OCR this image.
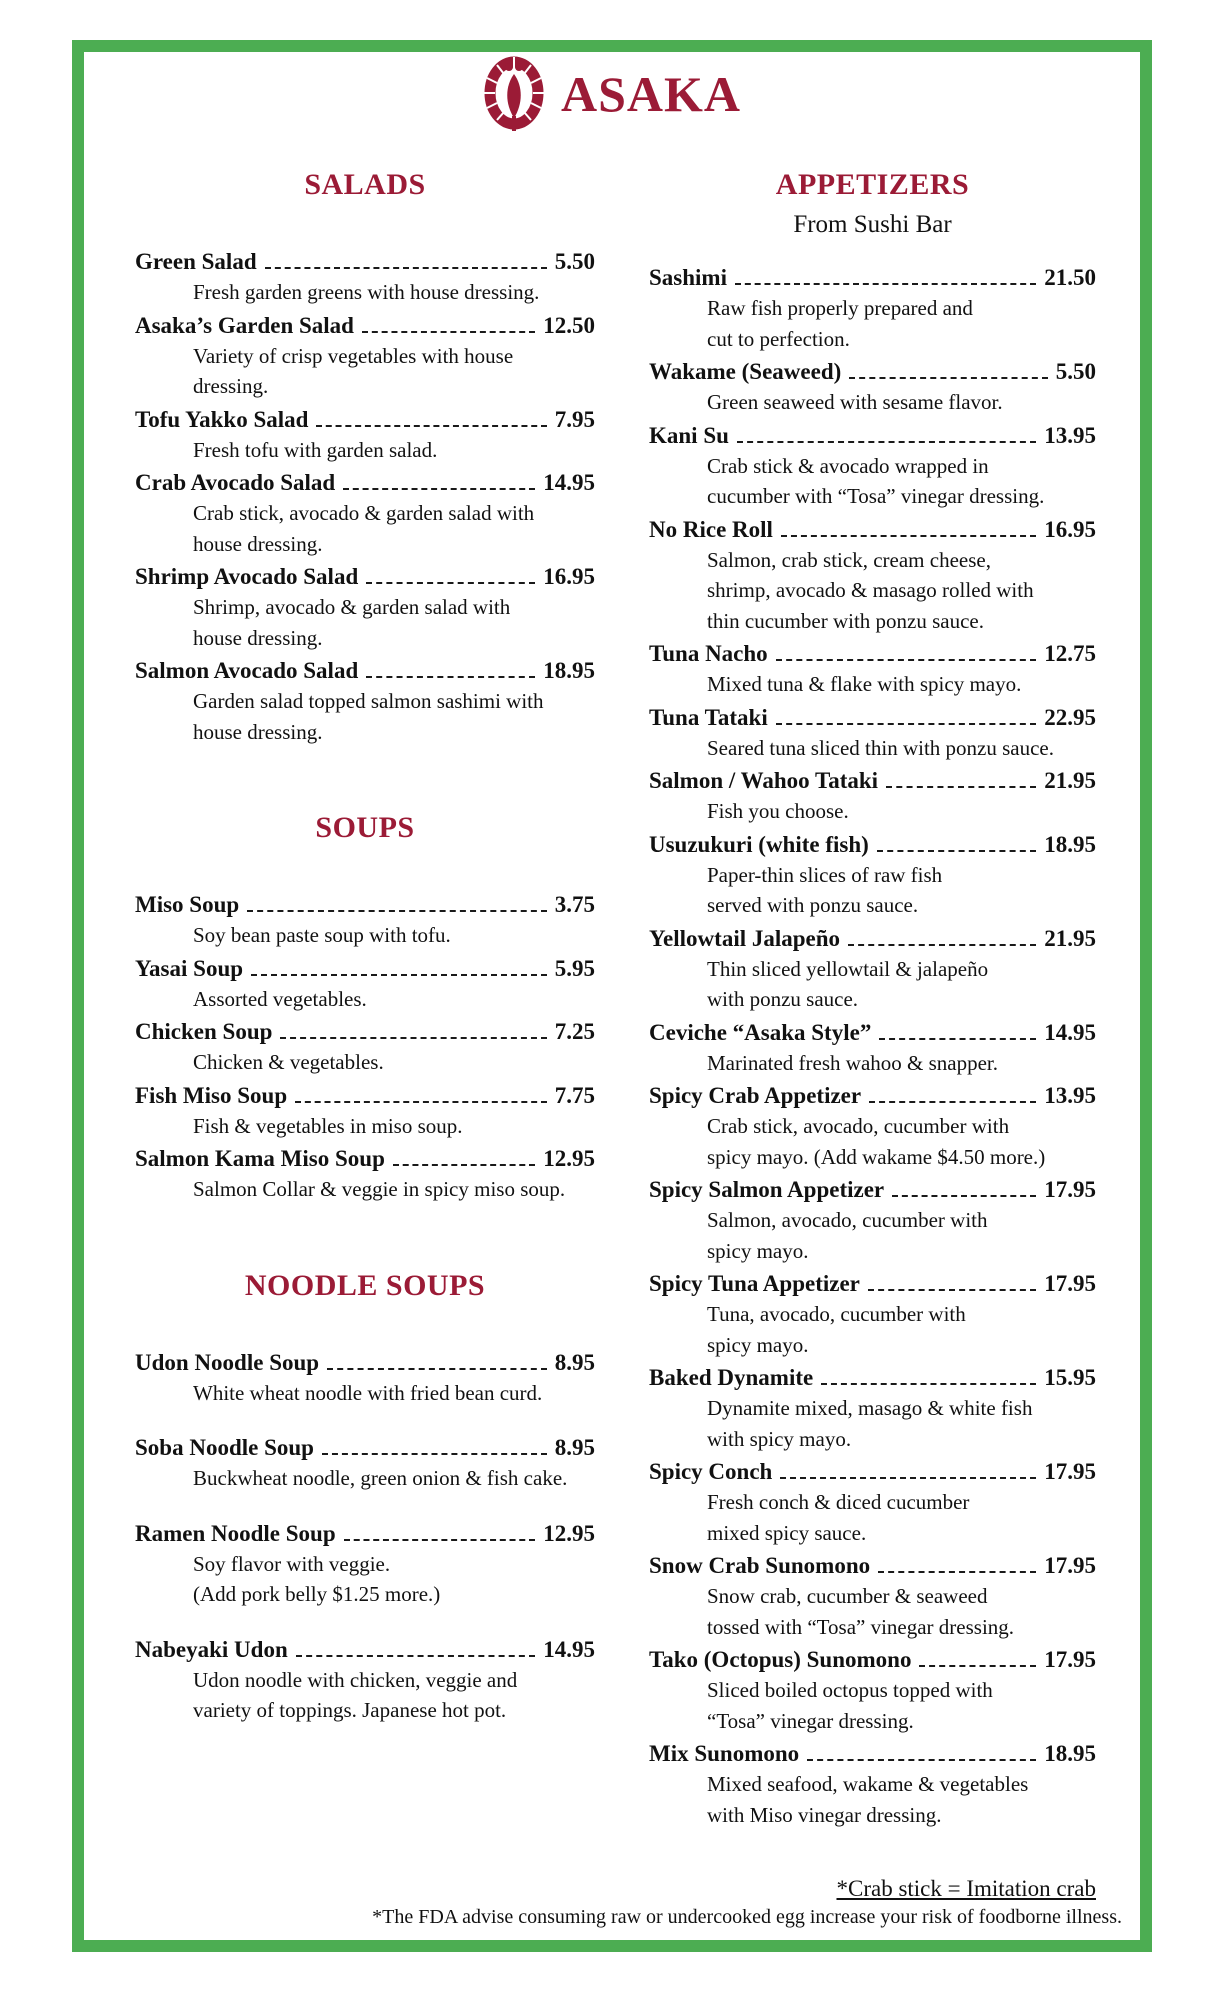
ASAKA
SALADS
Green Salad	5.50
Fresh garden greens with house dressing.
Asaka’s Garden Salad	12.50
Variety of crisp vegetables with house
dressing.
Tofu Yakko Salad	7.95
Fresh tofu with garden salad.
Crab Avocado Salad	14.95
Crab stick, avocado & garden salad with
house dressing.
Shrimp Avocado Salad	16.95
Shrimp, avocado & garden salad with
house dressing.
Salmon Avocado Salad	18.95
Garden salad topped salmon sashimi with
house dressing.
SOUPS
Miso Soup	3.75
Soy bean paste soup with tofu.
Yasai Soup	5.95
Assorted vegetables.
Chicken Soup	7.25
Chicken & vegetables.
Fish Miso Soup	7.75
Fish & vegetables in miso soup.
Salmon Kama Miso Soup	12.95
Salmon Collar & veggie in spicy miso soup.
NOODLE SOUPS
Udon Noodle Soup	8.95
White wheat noodle with fried bean curd.
Soba Noodle Soup	8.95
Buckwheat noodle, green onion & fish cake.
Ramen Noodle Soup	12.95
Soy flavor with veggie.
(Add pork belly $1.25 more.)
Nabeyaki Udon	14.95
Udon noodle with chicken, veggie and
variety of toppings. Japanese hot pot.
APPETIZERS
From Sushi Bar
Sashimi	21.50
Raw fish properly prepared and
cut to perfection.
Wakame (Seaweed)	5.50
Green seaweed with sesame flavor.
Kani Su	13.95
Crab stick & avocado wrapped in
cucumber with “Tosa” vinegar dressing.
No Rice Roll	16.95
Salmon, crab stick, cream cheese,
shrimp, avocado & masago rolled with
thin cucumber with ponzu sauce.
Tuna Nacho	12.75
Mixed tuna & flake with spicy mayo.
Tuna Tataki	22.95
Seared tuna sliced thin with ponzu sauce.
Salmon / Wahoo Tataki	21.95
Fish you choose.
Usuzukuri (white fish)	18.95
Paper-thin slices of raw fish
served with ponzu sauce.
Yellowtail Jalapeño	21.95
Thin sliced yellowtail & jalapeño
with ponzu sauce.
Ceviche “Asaka Style”	14.95
Marinated fresh wahoo & snapper.
Spicy Crab Appetizer	13.95
Crab stick, avocado, cucumber with
spicy mayo. (Add wakame $4.50 more.)
Spicy Salmon Appetizer	17.95
Salmon, avocado, cucumber with
spicy mayo.
Spicy Tuna Appetizer	17.95
Tuna, avocado, cucumber with
spicy mayo.
Baked Dynamite	15.95
Dynamite mixed, masago & white fish
with spicy mayo.
Spicy Conch	17.95
Fresh conch & diced cucumber
mixed spicy sauce.
Snow Crab Sunomono	17.95
Snow crab, cucumber & seaweed
tossed with “Tosa” vinegar dressing.
Tako (Octopus) Sunomono	17.95
Sliced boiled octopus topped with
“Tosa” vinegar dressing.
Mix Sunomono	18.95
Mixed seafood, wakame & vegetables
with Miso vinegar dressing.
*Crab stick = Imitation crab
*The FDA advise consuming raw or undercooked egg increase your risk of foodborne illness.
